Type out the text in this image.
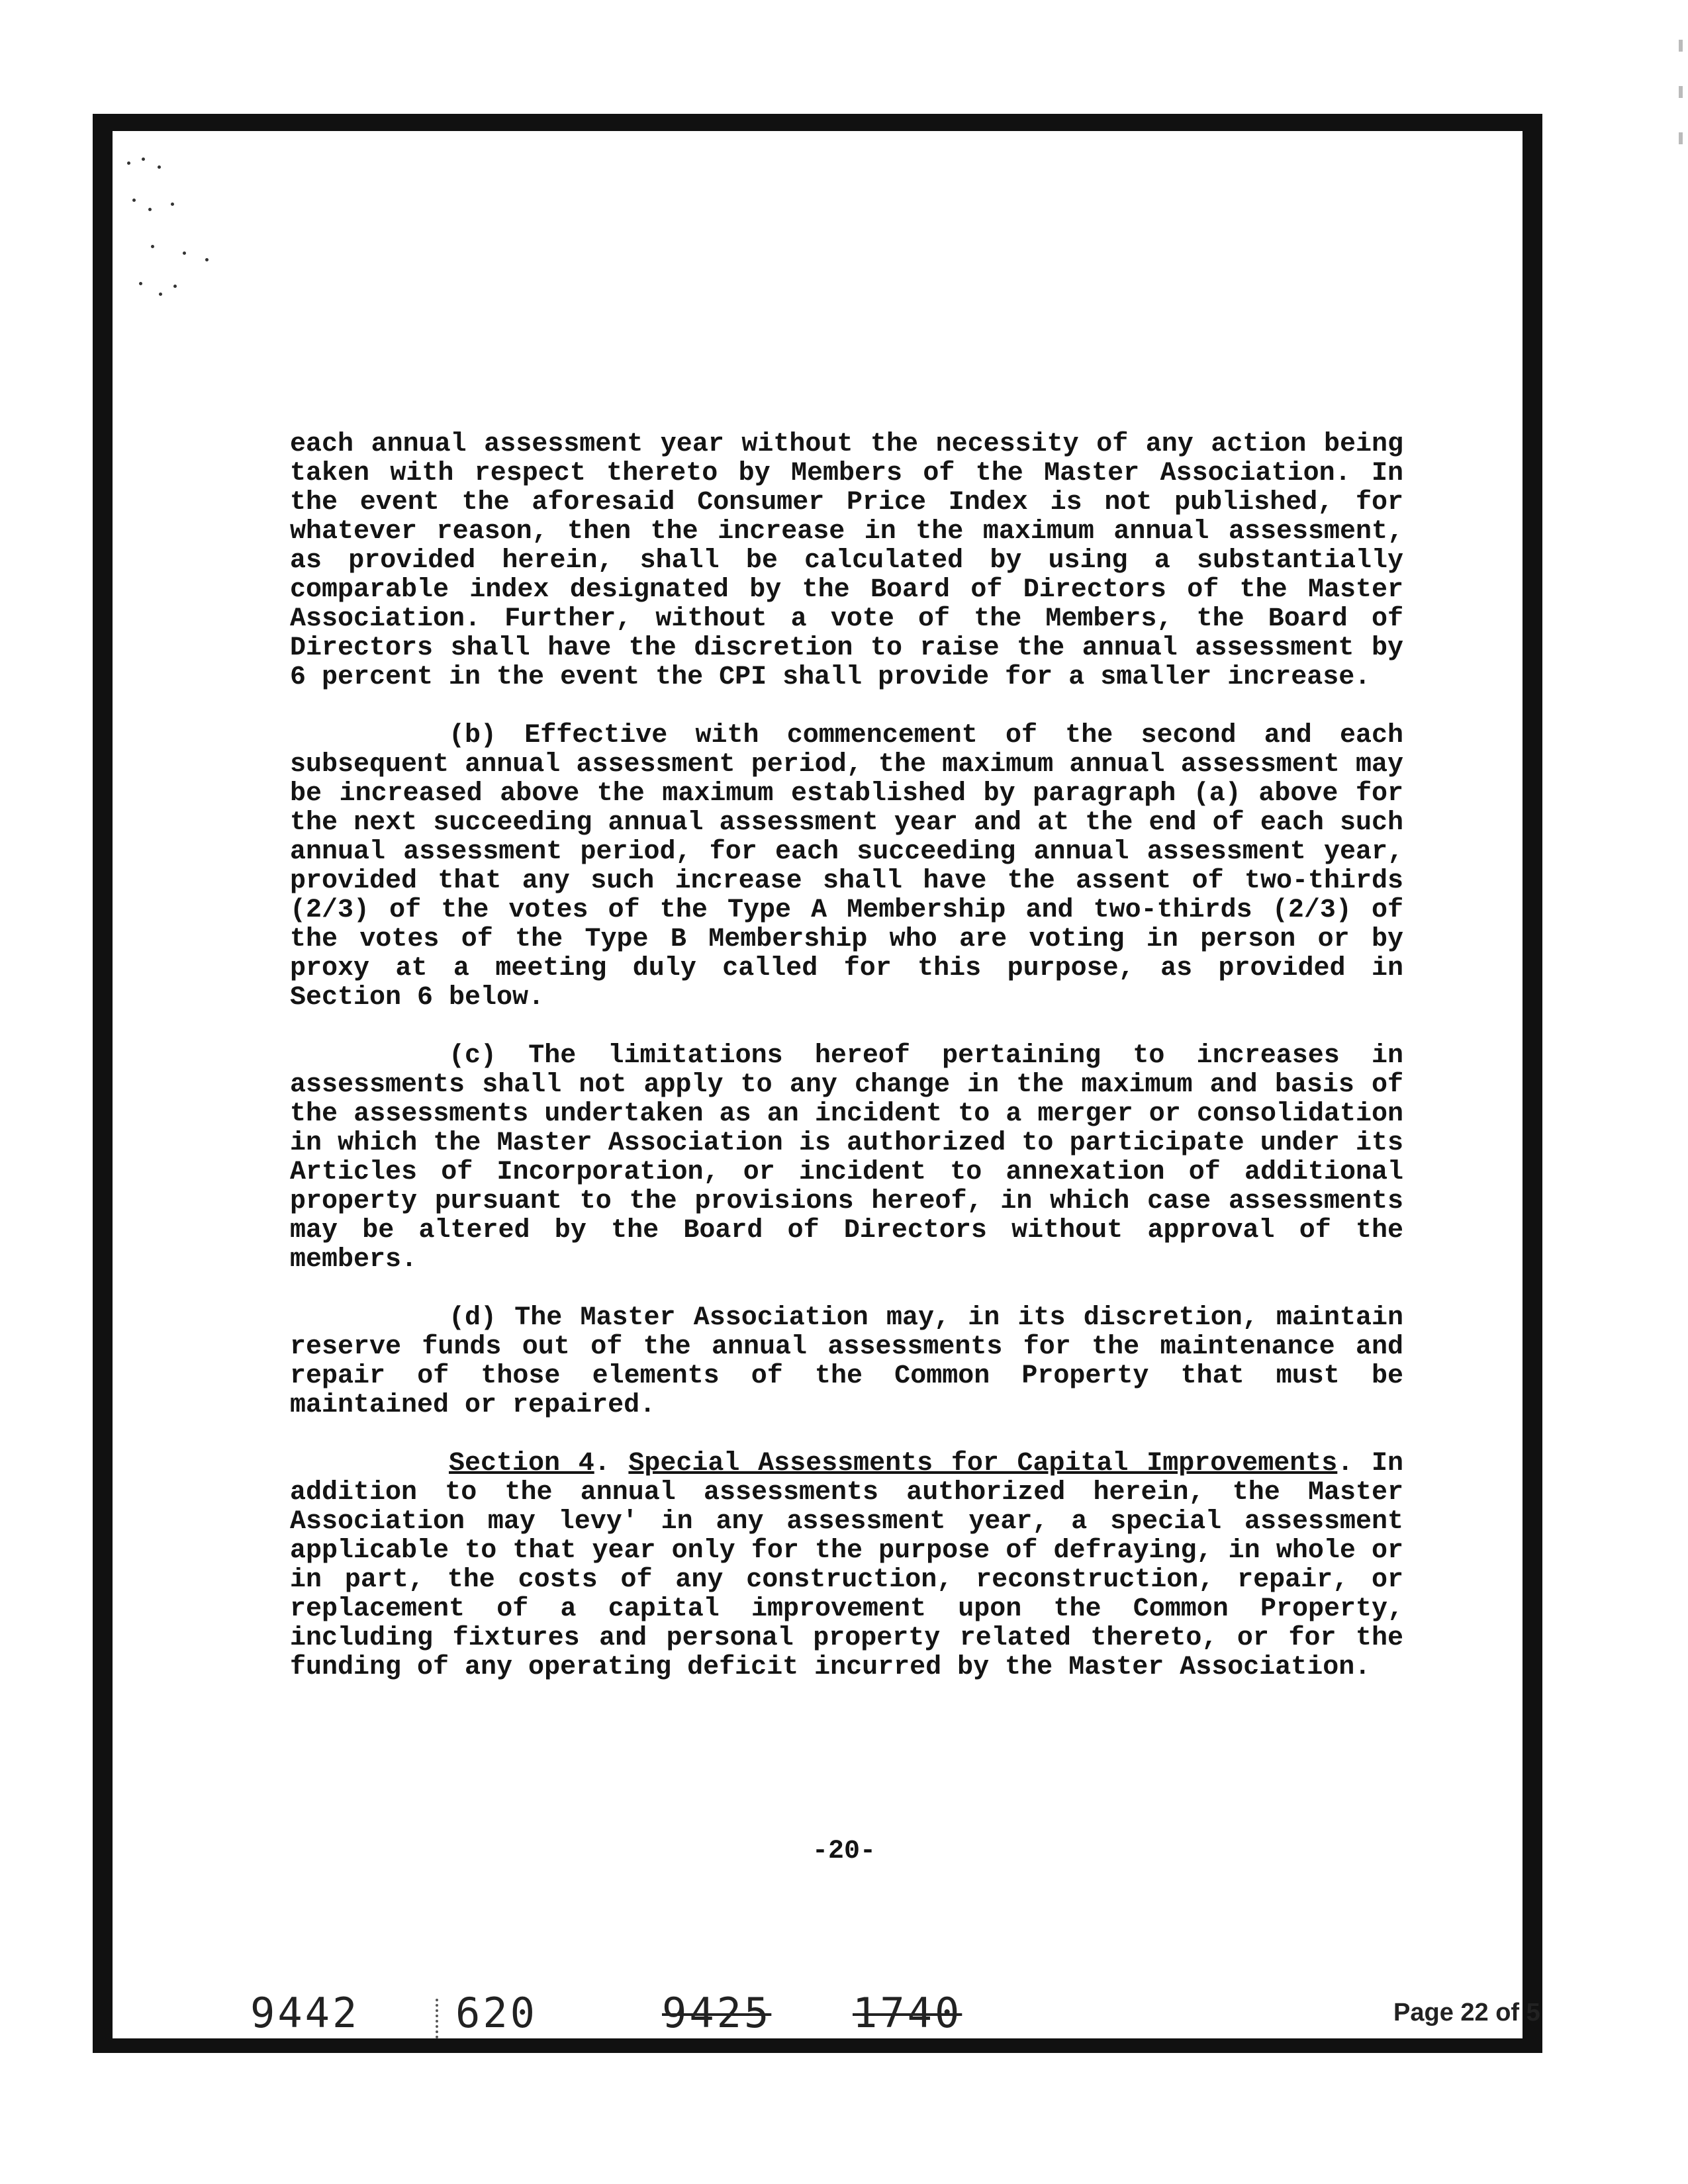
each annual assessment year without the necessity of any action being taken with respect thereto by Members of the Master Association. In the event the aforesaid Consumer Price Index is not published, for whatever reason, then the increase in the maximum annual assessment, as provided herein, shall be calculated by using a substantially comparable index designated by the Board of Directors of the Master Association. Further, without a vote of the Members, the Board of Directors shall have the discretion to raise the annual assessment by 6 percent in the event the CPI shall provide for a smaller increase.

(b) Effective with commencement of the second and each subsequent annual assessment period, the maximum annual assessment may be increased above the maximum established by paragraph (a) above for the next succeeding annual assessment year and at the end of each such annual assessment period, for each succeeding annual assessment year, provided that any such increase shall have the assent of two-thirds (2/3) of the votes of the Type A Membership and two-thirds (2/3) of the votes of the Type B Membership who are voting in person or by proxy at a meeting duly called for this purpose, as provided in Section 6 below.

(c) The limitations hereof pertaining to increases in assessments shall not apply to any change in the maximum and basis of the assessments undertaken as an incident to a merger or consolidation in which the Master Association is authorized to participate under its Articles of Incorporation, or incident to annexation of additional property pursuant to the provisions hereof, in which case assessments may be altered by the Board of Directors without approval of the members.

(d) The Master Association may, in its discretion, maintain reserve funds out of the annual assessments for the maintenance and repair of those elements of the Common Property that must be maintained or repaired.

Section 4. Special Assessments for Capital Improvements. In addition to the annual assessments authorized herein, the Master Association may levy' in any assessment year, a special assessment applicable to that year only for the purpose of defraying, in whole or in part, the costs of any construction, reconstruction, repair, or replacement of a capital improvement upon the Common Property, including fixtures and personal property related thereto, or for the funding of any operating deficit incurred by the Master Association.

-20-
9442 620	9425 1740	Page 22 of 5
